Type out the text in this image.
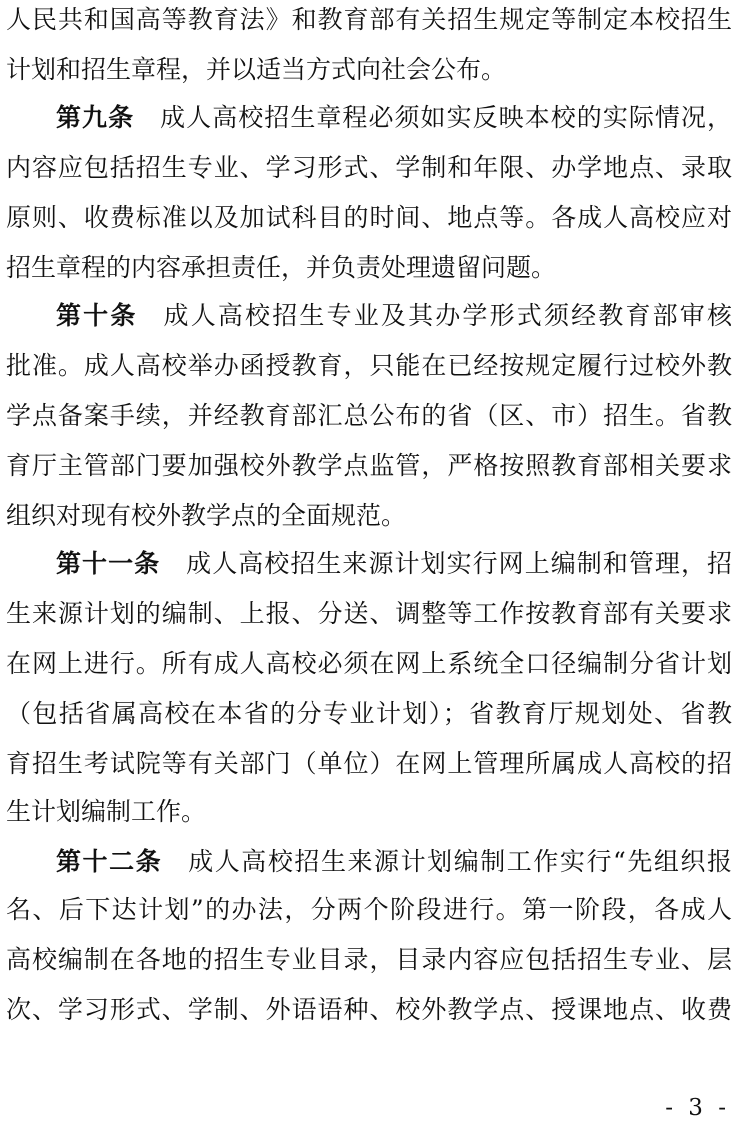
人民共和国高等教育法》和教育部有关招生规定等制定本校招生
计划和招生章程，并以适当方式向社会公布。
第九条 成人高校招生章程必须如实反映本校的实际情况，
内容应包括招生专业、学习形式、学制和年限、办学地点、录取
原则、收费标准以及加试科目的时间、地点等。各成人高校应对
招生章程的内容承担责任，并负责处理遗留问题。
第十条 成人高校招生专业及其办学形式须经教育部审核
批准。成人高校举办函授教育，只能在已经按规定履行过校外教
学点备案手续，并经教育部汇总公布的省（区、市）招生。省教
育厅主管部门要加强校外教学点监管，严格按照教育部相关要求
组织对现有校外教学点的全面规范。
第十一条 成人高校招生来源计划实行网上编制和管理，招
生来源计划的编制、上报、分送、调整等工作按教育部有关要求
在网上进行。所有成人高校必须在网上系统全口径编制分省计划
（包括省属高校在本省的分专业计划）；省教育厅规划处、省教
育招生考试院等有关部门（单位）在网上管理所属成人高校的招
生计划编制工作。
第十二条 成人高校招生来源计划编制工作实行“先组织报
名、后下达计划”的办法，分两个阶段进行。第一阶段，各成人
高校编制在各地的招生专业目录，目录内容应包括招生专业、层
次、学习形式、学制、外语语种、校外教学点、授课地点、收费
- 3 -
